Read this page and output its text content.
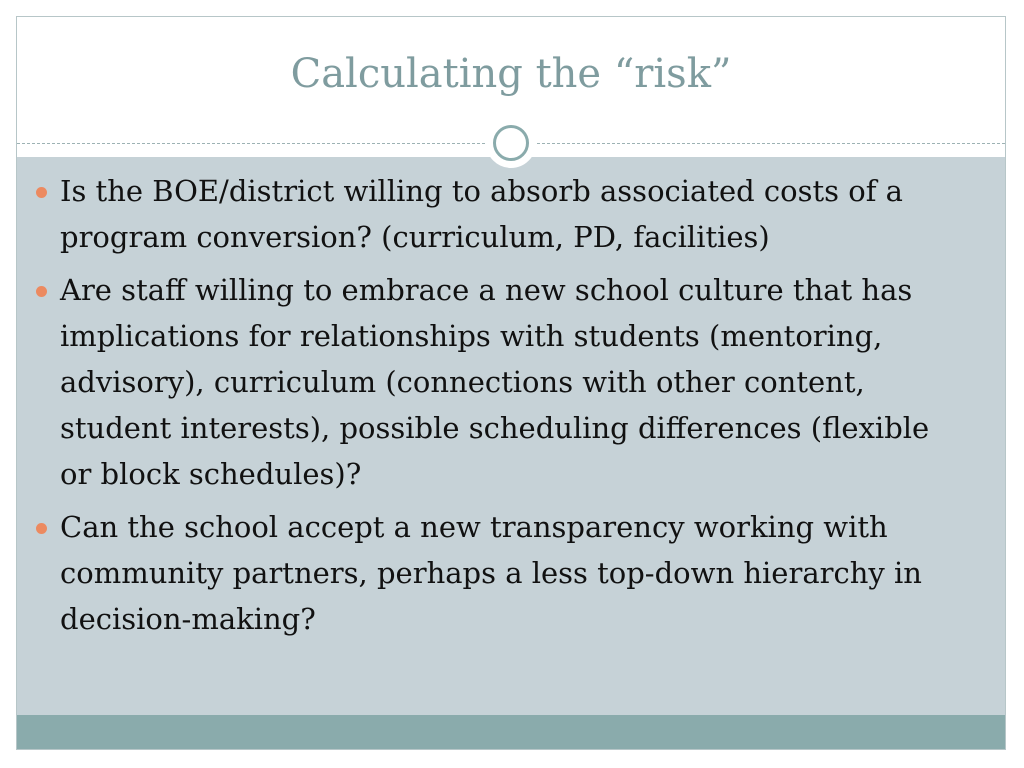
Calculating the “risk”
Is the BOE/district willing to absorb associated costs of a program conversion? (curriculum, PD, facilities)
Are staff willing to embrace a new school culture that has implications for relationships with students (mentoring, advisory), curriculum (connections with other content, student interests), possible scheduling differences (flexible or block schedules)?
Can the school accept a new transparency working with community partners, perhaps a less top-down hierarchy in decision-making?
